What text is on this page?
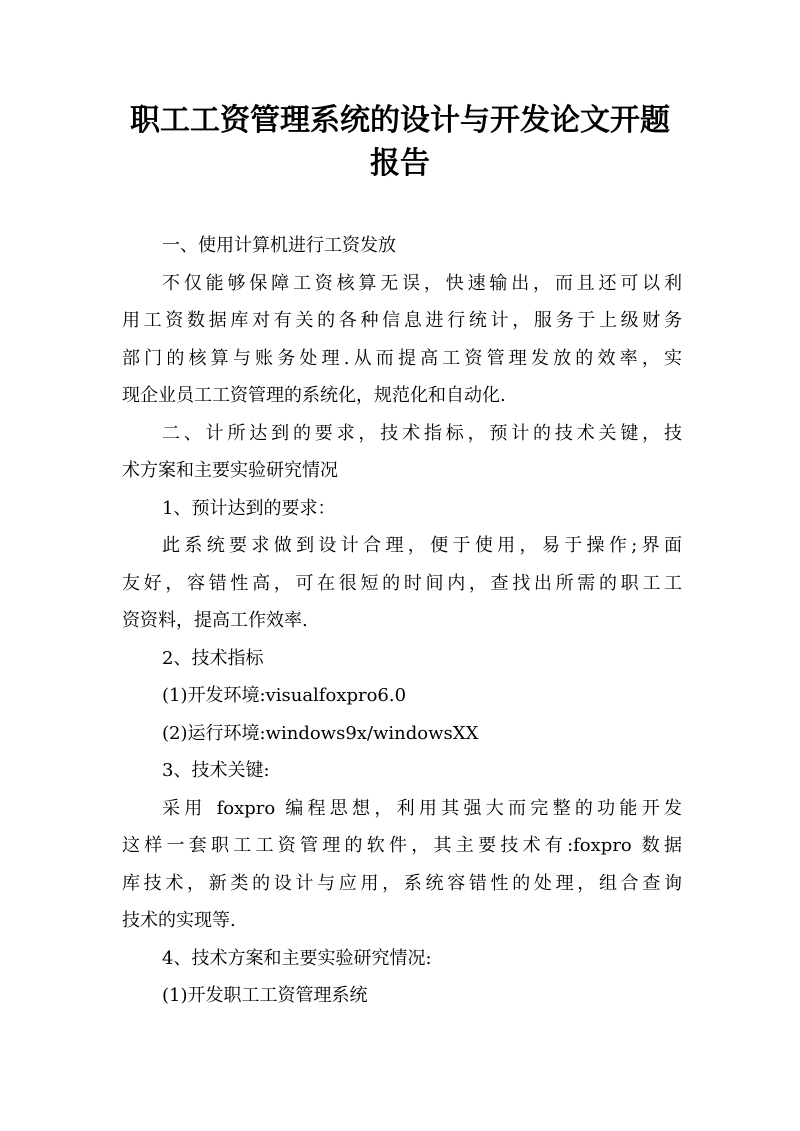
职工工资管理系统的设计与开发论文开题
报告
一、使用计算机进行工资发放
不仅能够保障工资核算无误，快速输出，而且还可以利
用工资数据库对有关的各种信息进行统计，服务于上级财务
部门的核算与账务处理.从而提高工资管理发放的效率，实
现企业员工工资管理的系统化，规范化和自动化.
二、计所达到的要求，技术指标，预计的技术关键，技
术方案和主要实验研究情况
1、预计达到的要求：
此系统要求做到设计合理，便于使用，易于操作;界面
友好，容错性高，可在很短的时间内，查找出所需的职工工
资资料，提高工作效率.
2、技术指标
(1)开发环境:visualfoxpro6.0
(2)运行环境:windows9x/windowsXX
3、技术关键:
采用 foxpro 编程思想，利用其强大而完整的功能开发
这样一套职工工资管理的软件，其主要技术有:foxpro 数据
库技术，新类的设计与应用，系统容错性的处理，组合查询
技术的实现等.
4、技术方案和主要实验研究情况:
(1)开发职工工资管理系统
